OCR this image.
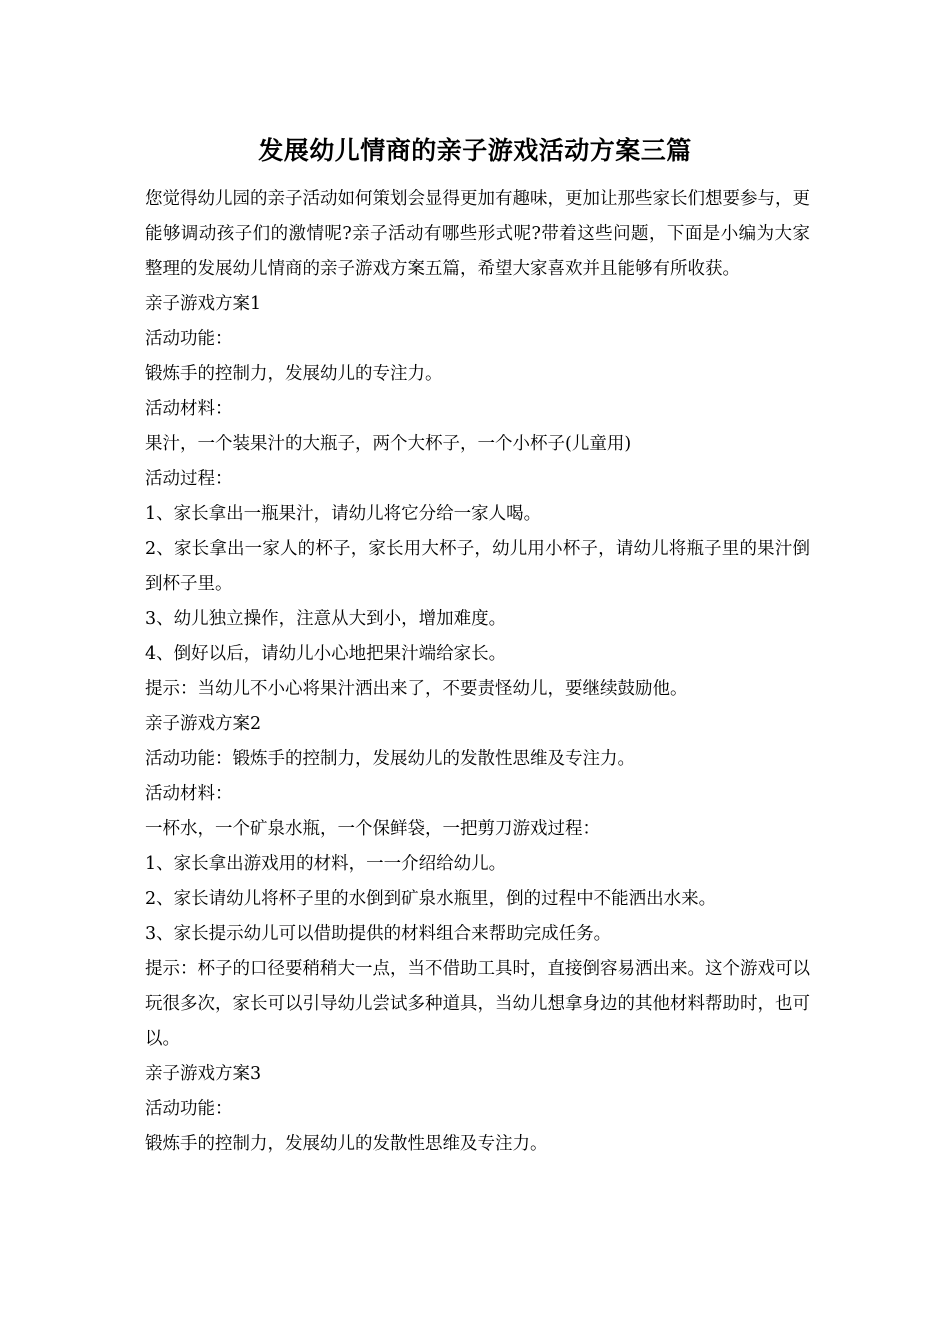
发展幼儿情商的亲子游戏活动方案三篇

您觉得幼儿园的亲子活动如何策划会显得更加有趣味，更加让那些家长们想要参与，更能够调动孩子们的激情呢?亲子活动有哪些形式呢?带着这些问题，下面是小编为大家整理的发展幼儿情商的亲子游戏方案五篇，希望大家喜欢并且能够有所收获。

亲子游戏方案1

活动功能：

锻炼手的控制力，发展幼儿的专注力。

活动材料：

果汁，一个装果汁的大瓶子，两个大杯子，一个小杯子(儿童用)

活动过程：

1、家长拿出一瓶果汁，请幼儿将它分给一家人喝。

2、家长拿出一家人的杯子，家长用大杯子，幼儿用小杯子，请幼儿将瓶子里的果汁倒到杯子里。

3、幼儿独立操作，注意从大到小，增加难度。

4、倒好以后，请幼儿小心地把果汁端给家长。

提示：当幼儿不小心将果汁洒出来了，不要责怪幼儿，要继续鼓励他。

亲子游戏方案2

活动功能：锻炼手的控制力，发展幼儿的发散性思维及专注力。

活动材料：

一杯水，一个矿泉水瓶，一个保鲜袋，一把剪刀游戏过程：

1、家长拿出游戏用的材料，一一介绍给幼儿。

2、家长请幼儿将杯子里的水倒到矿泉水瓶里，倒的过程中不能洒出水来。

3、家长提示幼儿可以借助提供的材料组合来帮助完成任务。

提示：杯子的口径要稍稍大一点，当不借助工具时，直接倒容易洒出来。这个游戏可以玩很多次，家长可以引导幼儿尝试多种道具，当幼儿想拿身边的其他材料帮助时，也可以。

亲子游戏方案3

活动功能：

锻炼手的控制力，发展幼儿的发散性思维及专注力。
